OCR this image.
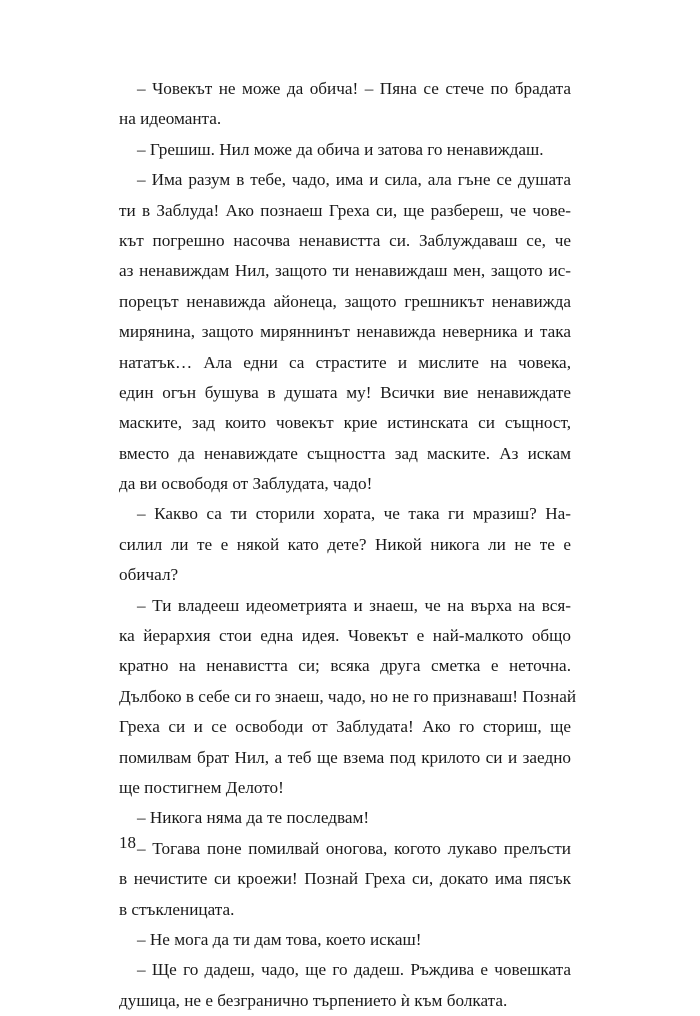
– Човекът не може да обича! – Пяна се стече по брадата
на идеоманта.
– Грешиш. Нил може да обича и затова го ненавиждаш.
– Има разум в тебе, чадо, има и сила, ала гъне се душата
ти в Заблуда! Ако познаеш Греха си, ще разбереш, че чове-
кът погрешно насочва ненавистта си. Заблуждаваш се, че
аз ненавиждам Нил, защото ти ненавиждаш мен, защото ис-
порецът ненавижда айонеца, защото грешникът ненавижда
мирянина, защото миряннинът ненавижда неверника и така
нататък… Ала едни са страстите и мислите на човека,
един огън бушува в душата му! Всички вие ненавиждате
маските, зад които човекът крие истинската си същност,
вместо да ненавиждате същността зад маските. Аз искам
да ви освободя от Заблудата, чадо!
– Какво са ти сторили хората, че така ги мразиш? На-
силил ли те е някой като дете? Никой никога ли не те е
обичал?
– Ти владееш идеометрията и знаеш, че на върха на вся-
ка йерархия стои една идея. Човекът е най-малкото общо
кратно на ненавистта си; всяка друга сметка е неточна.
Дълбоко в себе си го знаеш, чадо, но не го признаваш! Познай
Греха си и се освободи от Заблудата! Ако го сториш, ще
помилвам брат Нил, а теб ще взема под крилото си и заедно
ще постигнем Делото!
– Никога няма да те последвам!
– Тогава поне помилвай оногова, когото лукаво прелъсти
в нечистите си кроежи! Познай Греха си, докато има пясък
в стъкленицата.
– Не мога да ти дам това, което искаш!
– Ще го дадеш, чадо, ще го дадеш. Ръждива е човешката
душица, не е безгранично търпението ѝ към болката.
18
